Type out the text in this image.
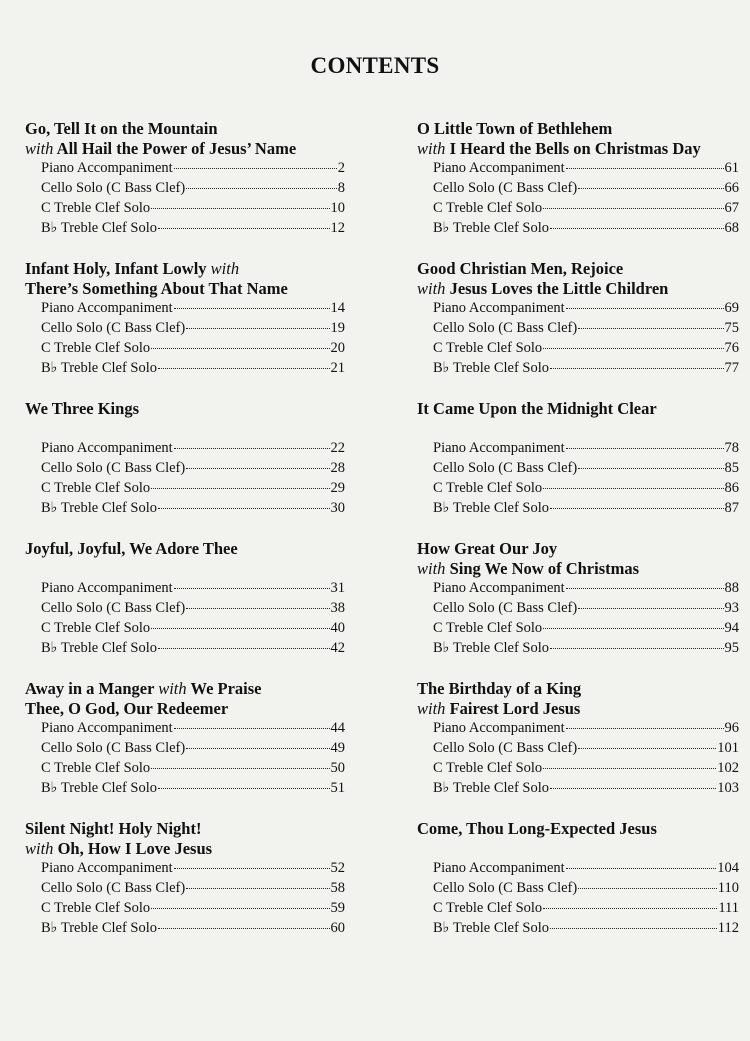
CONTENTS
Go, Tell It on the Mountain
with All Hail the Power of Jesus’ Name
Piano Accompaniment	2
Cello Solo (C Bass Clef)	8
C Treble Clef Solo	10
B♭ Treble Clef Solo	12
Infant Holy, Infant Lowly with
There’s Something About That Name
Piano Accompaniment	14
Cello Solo (C Bass Clef)	19
C Treble Clef Solo	20
B♭ Treble Clef Solo	21
We Three Kings
Piano Accompaniment	22
Cello Solo (C Bass Clef)	28
C Treble Clef Solo	29
B♭ Treble Clef Solo	30
Joyful, Joyful, We Adore Thee
Piano Accompaniment	31
Cello Solo (C Bass Clef)	38
C Treble Clef Solo	40
B♭ Treble Clef Solo	42
Away in a Manger with We Praise
Thee, O God, Our Redeemer
Piano Accompaniment	44
Cello Solo (C Bass Clef)	49
C Treble Clef Solo	50
B♭ Treble Clef Solo	51
Silent Night! Holy Night!
with Oh, How I Love Jesus
Piano Accompaniment	52
Cello Solo (C Bass Clef)	58
C Treble Clef Solo	59
B♭ Treble Clef Solo	60
O Little Town of Bethlehem
with I Heard the Bells on Christmas Day
Piano Accompaniment	61
Cello Solo (C Bass Clef)	66
C Treble Clef Solo	67
B♭ Treble Clef Solo	68
Good Christian Men, Rejoice
with Jesus Loves the Little Children
Piano Accompaniment	69
Cello Solo (C Bass Clef)	75
C Treble Clef Solo	76
B♭ Treble Clef Solo	77
It Came Upon the Midnight Clear
Piano Accompaniment	78
Cello Solo (C Bass Clef)	85
C Treble Clef Solo	86
B♭ Treble Clef Solo	87
How Great Our Joy
with Sing We Now of Christmas
Piano Accompaniment	88
Cello Solo (C Bass Clef)	93
C Treble Clef Solo	94
B♭ Treble Clef Solo	95
The Birthday of a King
with Fairest Lord Jesus
Piano Accompaniment	96
Cello Solo (C Bass Clef)	101
C Treble Clef Solo	102
B♭ Treble Clef Solo	103
Come, Thou Long-Expected Jesus
Piano Accompaniment	104
Cello Solo (C Bass Clef)	110
C Treble Clef Solo	111
B♭ Treble Clef Solo	112
